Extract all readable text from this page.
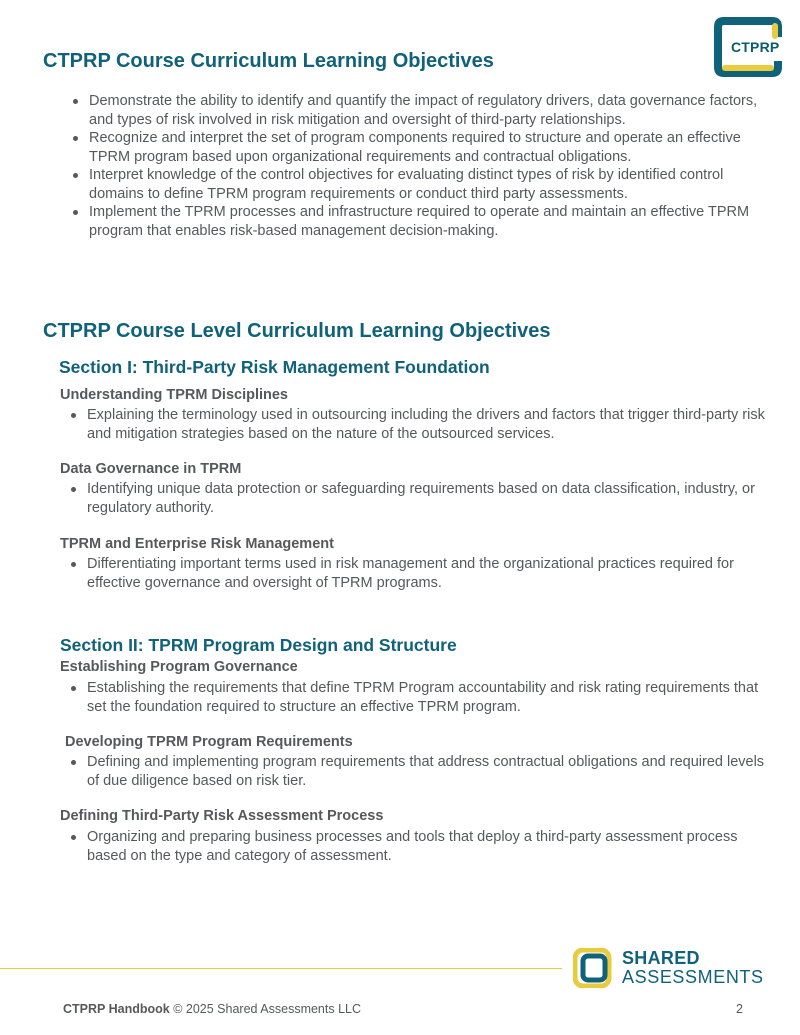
CTPRP
CTPRP Course Curriculum Learning Objectives
Demonstrate the ability to identify and quantify the impact of regulatory drivers, data governance factors, and types of risk involved in risk mitigation and oversight of third-party relationships.
Recognize and interpret the set of program components required to structure and operate an effective TPRM program based upon organizational requirements and contractual obligations.
Interpret knowledge of the control objectives for evaluating distinct types of risk by identified control domains to define TPRM program requirements or conduct third party assessments.
Implement the TPRM processes and infrastructure required to operate and maintain an effective TPRM program that enables risk-based management decision-making.
CTPRP Course Level Curriculum Learning Objectives
Section I: Third-Party Risk Management Foundation
Understanding TPRM Disciplines
Explaining the terminology used in outsourcing including the drivers and factors that trigger third-party risk and mitigation strategies based on the nature of the outsourced services.
Data Governance in TPRM
Identifying unique data protection or safeguarding requirements based on data classification, industry, or regulatory authority.
TPRM and Enterprise Risk Management
Differentiating important terms used in risk management and the organizational practices required for effective governance and oversight of TPRM programs.
Section II: TPRM Program Design and Structure
Establishing Program Governance
Establishing the requirements that define TPRM Program accountability and risk rating requirements that set the foundation required to structure an effective TPRM program.
Developing TPRM Program Requirements
Defining and implementing program requirements that address contractual obligations and required levels of due diligence based on risk tier.
Defining Third-Party Risk Assessment Process
Organizing and preparing business processes and tools that deploy a third-party assessment process based on the type and category of assessment.
SHARED
ASSESSMENTS
CTPRP Handbook © 2025 Shared Assessments LLC	2
